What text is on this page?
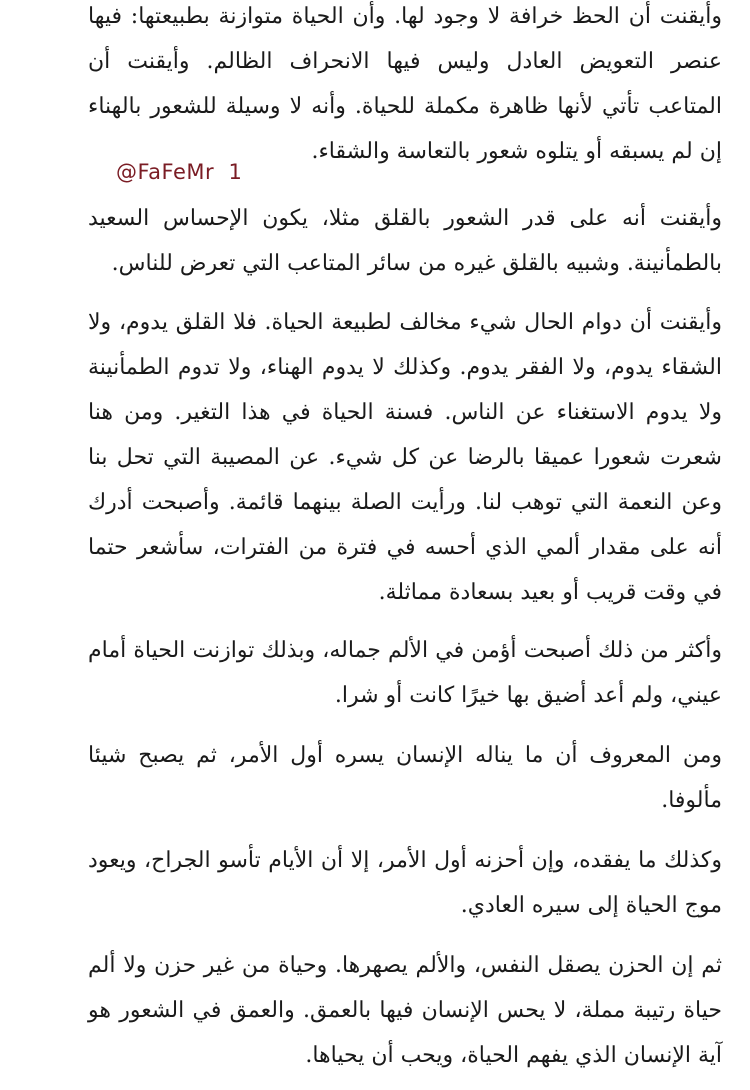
وأيقنت أن الحظ خرافة لا وجود لها. وأن الحياة متوازنة بطبيعتها: فيها عنصر التعويض العادل وليس فيها الانحراف الظالم. وأيقنت أن المتاعب تأتي لأنها ظاهرة مكملة للحياة. وأنه لا وسيلة للشعور بالهناء إن لم يسبقه أو يتلوه شعور بالتعاسة والشقاء.

وأيقنت أنه على قدر الشعور بالقلق مثلا، يكون الإحساس السعيد بالطمأنينة. وشبيه بالقلق غيره من سائر المتاعب التي تعرض للناس.

وأيقنت أن دوام الحال شيء مخالف لطبيعة الحياة. فلا القلق يدوم، ولا الشقاء يدوم، ولا الفقر يدوم. وكذلك لا يدوم الهناء، ولا تدوم الطمأنينة ولا يدوم الاستغناء عن الناس. فسنة الحياة في هذا التغير. ومن هنا شعرت شعورا عميقا بالرضا عن كل شيء. عن المصيبة التي تحل بنا وعن النعمة التي توهب لنا. ورأيت الصلة بينهما قائمة. وأصبحت أدرك أنه على مقدار ألمي الذي أحسه في فترة من الفترات، سأشعر حتما في وقت قريب أو بعيد بسعادة مماثلة.

وأكثر من ذلك أصبحت أؤمن في الألم جماله، وبذلك توازنت الحياة أمام عيني، ولم أعد أضيق بها خيرًا كانت أو شرا.

ومن المعروف أن ما يناله الإنسان يسره أول الأمر، ثم يصبح شيئا مألوفا.

وكذلك ما يفقده، وإن أحزنه أول الأمر، إلا أن الأيام تأسو الجراح، ويعود موج الحياة إلى سيره العادي.

ثم إن الحزن يصقل النفس، والألم يصهرها. وحياة من غير حزن ولا ألم حياة رتيبة مملة، لا يحس الإنسان فيها بالعمق. والعمق في الشعور هو آية الإنسان الذي يفهم الحياة، ويحب أن يحياها.

@FaFeMr  1
